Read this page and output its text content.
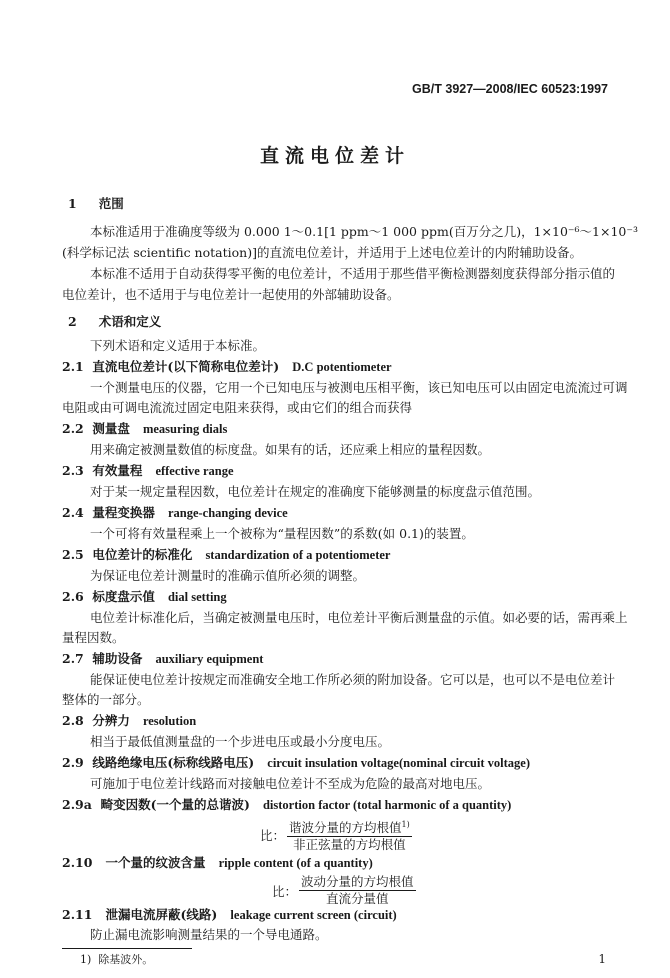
GB/T 3927—2008/IEC 60523:1997
直流电位差计
1 范围
本标准适用于准确度等级为 0.000 1～0.1[1 ppm～1 000 ppm(百万分之几)，1×10⁻⁶～1×10⁻³
(科学标记法 scientific notation)]的直流电位差计，并适用于上述电位差计的内附辅助设备。
本标准不适用于自动获得零平衡的电位差计，不适用于那些借平衡检测器刻度获得部分指示值的
电位差计，也不适用于与电位差计一起使用的外部辅助设备。
2 术语和定义
下列术语和定义适用于本标准。
2.1 直流电位差计(以下简称电位差计) D.C potentiometer
一个测量电压的仪器，它用一个已知电压与被测电压相平衡，该已知电压可以由固定电流流过可调
电阻或由可调电流流过固定电阻来获得，或由它们的组合而获得
2.2 测量盘 measuring dials
用来确定被测量数值的标度盘。如果有的话，还应乘上相应的量程因数。
2.3 有效量程 effective range
对于某一规定量程因数，电位差计在规定的准确度下能够测量的标度盘示值范围。
2.4 量程变换器 range-changing device
一个可将有效量程乘上一个被称为“量程因数”的系数(如 0.1)的装置。
2.5 电位差计的标准化 standardization of a potentiometer
为保证电位差计测量时的准确示值所必须的调整。
2.6 标度盘示值 dial setting
电位差计标准化后，当确定被测量电压时，电位差计平衡后测量盘的示值。如必要的话，需再乘上
量程因数。
2.7 辅助设备 auxiliary equipment
能保证使电位差计按规定而准确安全地工作所必须的附加设备。它可以是，也可以不是电位差计
整体的一部分。
2.8 分辨力 resolution
相当于最低值测量盘的一个步进电压或最小分度电压。
2.9 线路绝缘电压(标称线路电压) circuit insulation voltage(nominal circuit voltage)
可施加于电位差计线路而对接触电位差计不至成为危险的最高对地电压。
2.9a 畸变因数(一个量的总谐波) distortion factor (total harmonic of a quantity)
比： $\frac{谐波分量的方均根值^{1)}}{\text{非正弦量的方均根值}}$
2.10 一个量的纹波含量 ripple content (of a quantity)
比： $\frac{\text{波动分量的方均根值}}{\text{直流分量值}}$
2.11 泄漏电流屏蔽(线路) leakage current screen (circuit)
防止漏电流影响测量结果的一个导电通路。
1) 除基波外。	1
